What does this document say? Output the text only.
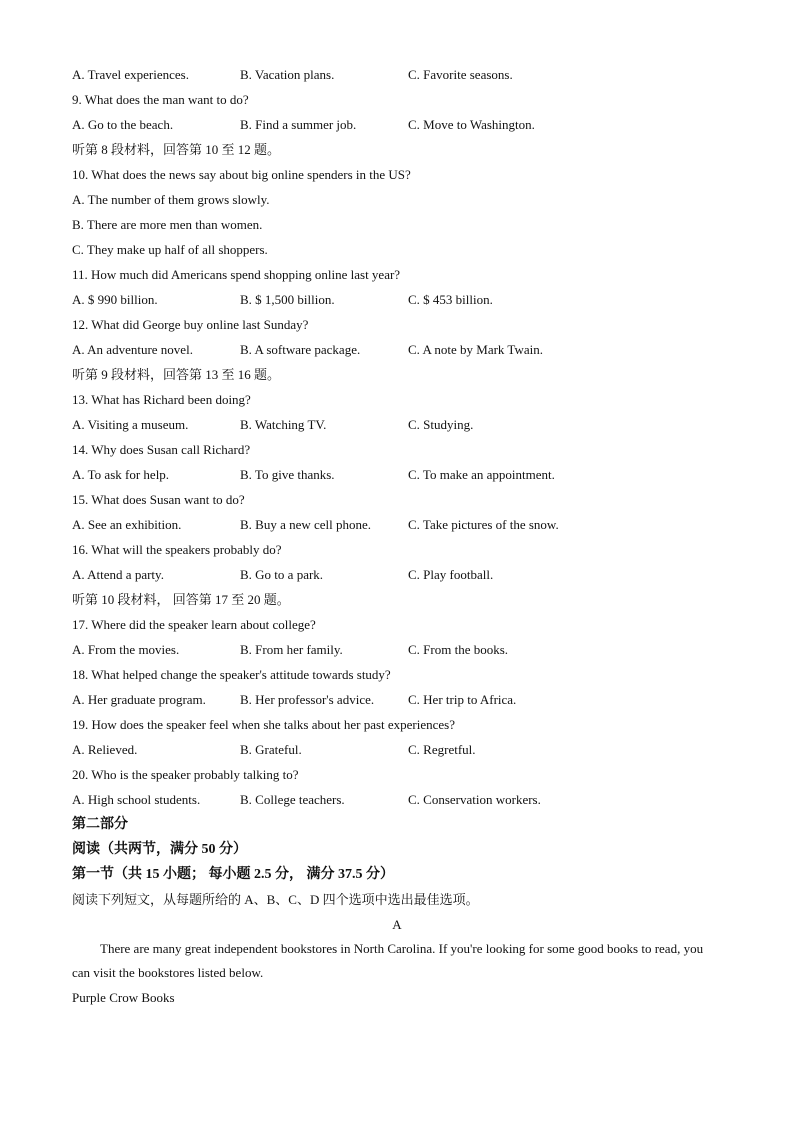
A. Travel experiences.	B. Vacation plans.	C. Favorite seasons.
9. What does the man want to do?
A. Go to the beach.	B. Find a summer job.	C. Move to Washington.
听第 8 段材料，回答第 10 至 12 题。
10. What does the news say about big online spenders in the US?
A. The number of them grows slowly.
B. There are more men than women.
C. They make up half of all shoppers.
11. How much did Americans spend shopping online last year?
A. $ 990 billion.	B. $ 1,500 billion.	C. $ 453 billion.
12. What did George buy online last Sunday?
A. An adventure novel.	B. A software package.	C. A note by Mark Twain.
听第 9 段材料，回答第 13 至 16 题。
13. What has Richard been doing?
A. Visiting a museum.	B. Watching TV.	C. Studying.
14. Why does Susan call Richard?
A. To ask for help.	B. To give thanks.	C. To make an appointment.
15. What does Susan want to do?
A. See an exhibition.	B. Buy a new cell phone.	C. Take pictures of the snow.
16. What will the speakers probably do?
A. Attend a party.	B. Go to a park.	C. Play football.
听第 10 段材料， 回答第 17 至 20 题。
17. Where did the speaker learn about college?
A. From the movies.	B. From her family.	C. From the books.
18. What helped change the speaker's attitude towards study?
A. Her graduate program.	B. Her professor's advice.	C. Her trip to Africa.
19. How does the speaker feel when she talks about her past experiences?
A. Relieved.	B. Grateful.	C. Regretful.
20. Who is the speaker probably talking to?
A. High school students.	B. College teachers.	C. Conservation workers.
第二部分
阅读（共两节，满分 50 分）
第一节（共 15 小题； 每小题 2.5 分， 满分 37.5 分）
阅读下列短文，从每题所给的 A、B、C、D 四个选项中选出最佳选项。
A
There are many great independent bookstores in North Carolina. If you're looking for some good books to read, you can visit the bookstores listed below.
Purple Crow Books
